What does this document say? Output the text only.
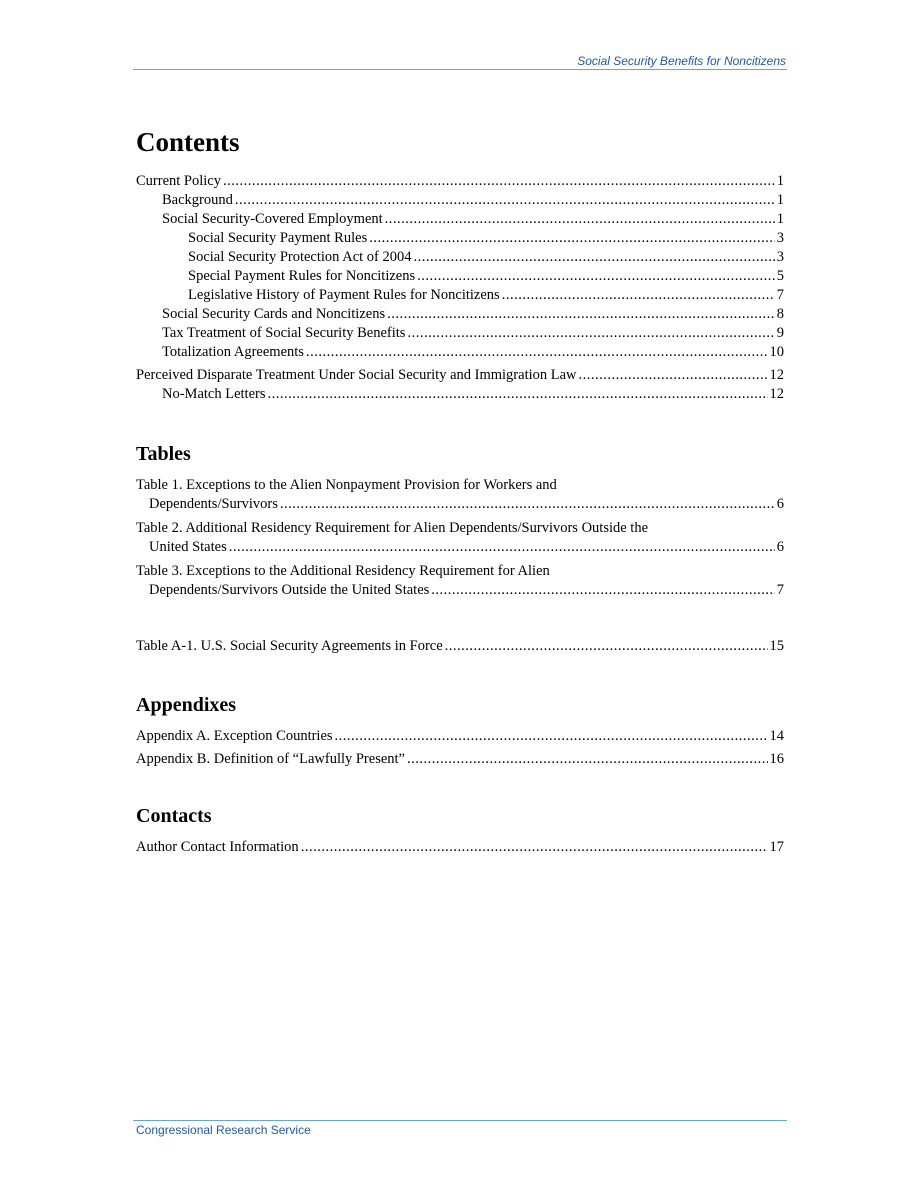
Social Security Benefits for Noncitizens
Contents
Current Policy .....	1
Background .....	1
Social Security-Covered Employment .....	1
Social Security Payment Rules .....	3
Social Security Protection Act of 2004 .....	3
Special Payment Rules for Noncitizens .....	5
Legislative History of Payment Rules for Noncitizens .....	7
Social Security Cards and Noncitizens .....	8
Tax Treatment of Social Security Benefits .....	9
Totalization Agreements .....	10
Perceived Disparate Treatment Under Social Security and Immigration Law .....	12
No-Match Letters .....	12
Tables
Table 1. Exceptions to the Alien Nonpayment Provision for Workers and
Dependents/Survivors .....	6
Table 2. Additional Residency Requirement for Alien Dependents/Survivors Outside the
United States .....	6
Table 3. Exceptions to the Additional Residency Requirement for Alien
Dependents/Survivors Outside the United States .....	7
Table A-1. U.S. Social Security Agreements in Force .....	15
Appendixes
Appendix A. Exception Countries .....	14
Appendix B. Definition of “Lawfully Present” .....	16
Contacts
Author Contact Information .....	17
Congressional Research Service
